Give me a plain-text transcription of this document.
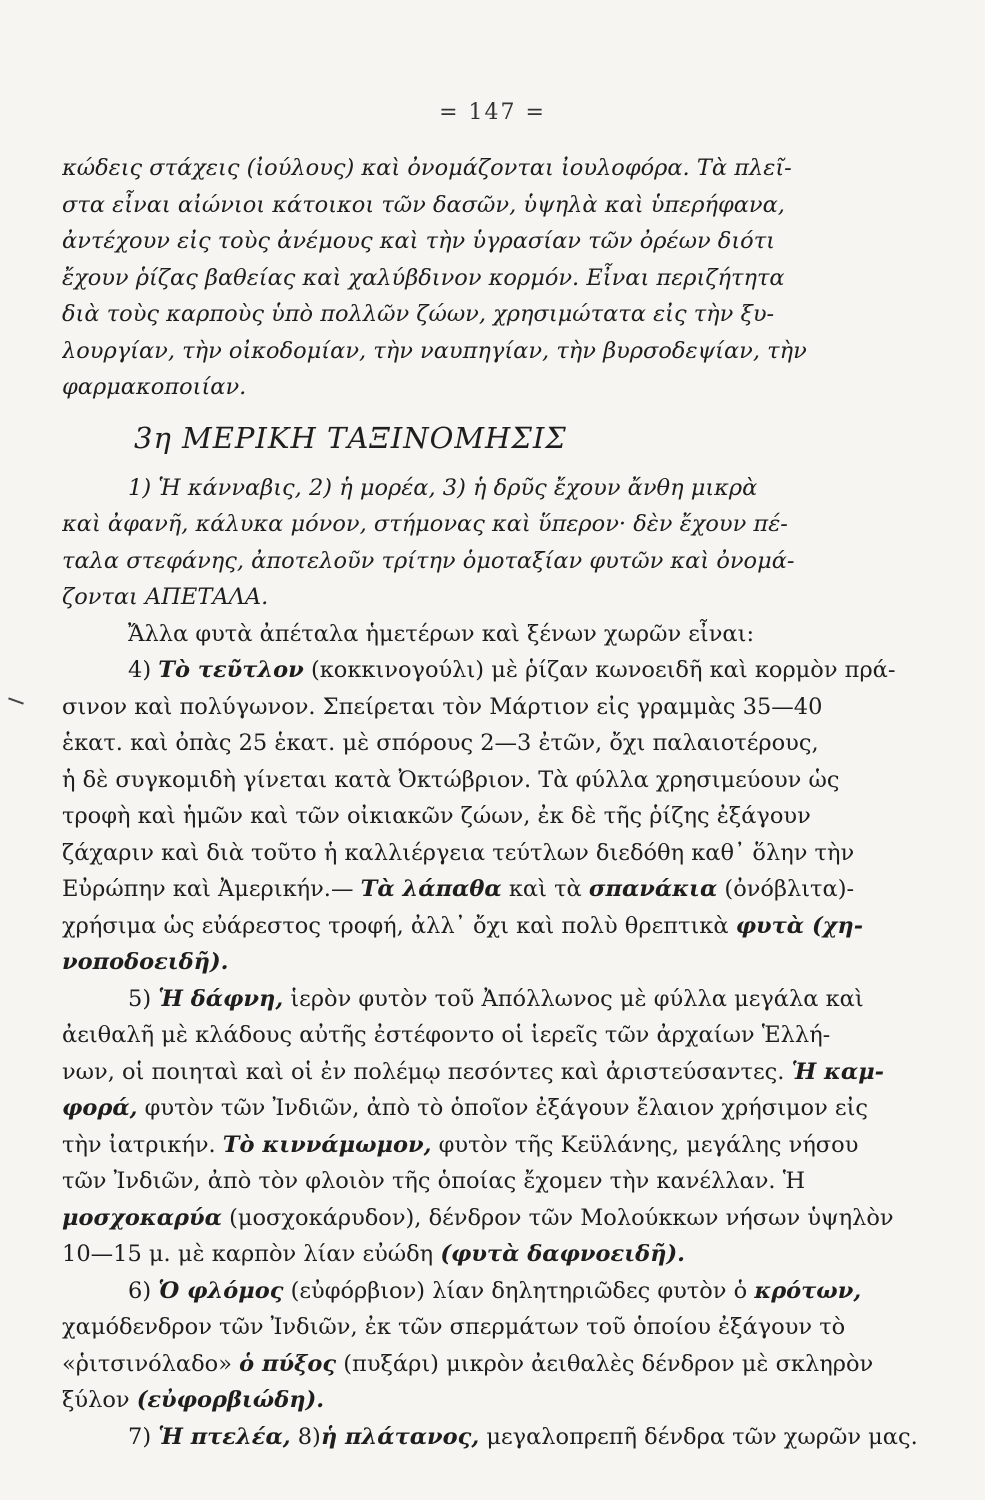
= 147 =
κώδεις στάχεις (ἰούλους) καὶ ὀνομάζονται ἰουλοφόρα. Τὰ πλεῖ-
στα εἶναι αἰώνιοι κάτοικοι τῶν δασῶν, ὑψηλὰ καὶ ὑπερήφανα,
ἀντέχουν εἰς τοὺς ἀνέμους καὶ τὴν ὑγρασίαν τῶν ὀρέων διότι
ἔχουν ῥίζας βαθείας καὶ χαλύβδινον κορμόν. Εἶναι περιζήτητα
διὰ τοὺς καρποὺς ὑπὸ πολλῶν ζώων, χρησιμώτατα εἰς τὴν ξυ-
λουργίαν, τὴν οἰκοδομίαν, τὴν ναυπηγίαν, τὴν βυρσοδεψίαν, τὴν
φαρμακοποιίαν.
3η ΜΕΡΙΚΗ ΤΑΞΙΝΟΜΗΣΙΣ
1) Ἡ κάνναβις, 2) ἡ μορέα, 3) ἡ δρῦς ἔχουν ἄνθη μικρὰ
καὶ ἀφανῆ, κάλυκα μόνον, στήμονας καὶ ὕπερον· δὲν ἔχουν πέ-
ταλα στεφάνης, ἀποτελοῦν τρίτην ὁμοταξίαν φυτῶν καὶ ὀνομά-
ζονται ΑΠΕΤΑΛΑ.
Ἄλλα φυτὰ ἀπέταλα ἡμετέρων καὶ ξένων χωρῶν εἶναι:
4) Τὸ τεῦτλον (κοκκινογούλι) μὲ ῥίζαν κωνοειδῆ καὶ κορμὸν πρά-
σινον καὶ πολύγωνον. Σπείρεται τὸν Μάρτιον εἰς γραμμὰς 35—40
ἑκατ. καὶ ὀπὰς 25 ἑκατ. μὲ σπόρους 2—3 ἐτῶν, ὄχι παλαιοτέρους,
ἡ δὲ συγκομιδὴ γίνεται κατὰ Ὀκτώβριον. Τὰ φύλλα χρησιμεύουν ὡς
τροφὴ καὶ ἡμῶν καὶ τῶν οἰκιακῶν ζώων, ἐκ δὲ τῆς ῥίζης ἐξάγουν
ζάχαριν καὶ διὰ τοῦτο ἡ καλλιέργεια τεύτλων διεδόθη καθ᾽ ὅλην τὴν
Εὐρώπην καὶ Ἀμερικήν.— Τὰ λάπαθα καὶ τὰ σπανάκια (ὀνόβλιτα)-
χρήσιμα ὡς εὐάρεστος τροφή, ἀλλ᾽ ὄχι καὶ πολὺ θρεπτικὰ φυτὰ (χη-
νοποδοειδῆ).
5) Ἡ δάφνη, ἱερὸν φυτὸν τοῦ Ἀπόλλωνος μὲ φύλλα μεγάλα καὶ
ἀειθαλῆ μὲ κλάδους αὐτῆς ἐστέφοντο οἱ ἱερεῖς τῶν ἀρχαίων Ἑλλή-
νων, οἱ ποιηταὶ καὶ οἱ ἐν πολέμῳ πεσόντες καὶ ἀριστεύσαντες. Ἡ καμ-
φορά, φυτὸν τῶν Ἰνδιῶν, ἀπὸ τὸ ὁποῖον ἐξάγουν ἔλαιον χρήσιμον εἰς
τὴν ἰατρικήν. Τὸ κιννάμωμον, φυτὸν τῆς Κεϋλάνης, μεγάλης νήσου
τῶν Ἰνδιῶν, ἀπὸ τὸν φλοιὸν τῆς ὁποίας ἔχομεν τὴν κανέλλαν. Ἡ
μοσχοκαρύα (μοσχοκάρυδον), δένδρον τῶν Μολούκκων νήσων ὑψηλὸν
10—15 μ. μὲ καρπὸν λίαν εὐώδη (φυτὰ δαφνοειδῆ).
6) Ὁ φλόμος (εὐφόρβιον) λίαν δηλητηριῶδες φυτὸν ὁ κρότων,
χαμόδενδρον τῶν Ἰνδιῶν, ἐκ τῶν σπερμάτων τοῦ ὁποίου ἐξάγουν τὸ
«ῥιτσινόλαδο» ὁ πύξος (πυξάρι) μικρὸν ἀειθαλὲς δένδρον μὲ σκληρὸν
ξύλον (εὐφορβιώδη).
7) Ἡ πτελέα, 8)ἡ πλάτανος, μεγαλοπρεπῆ δένδρα τῶν χωρῶν μας.
